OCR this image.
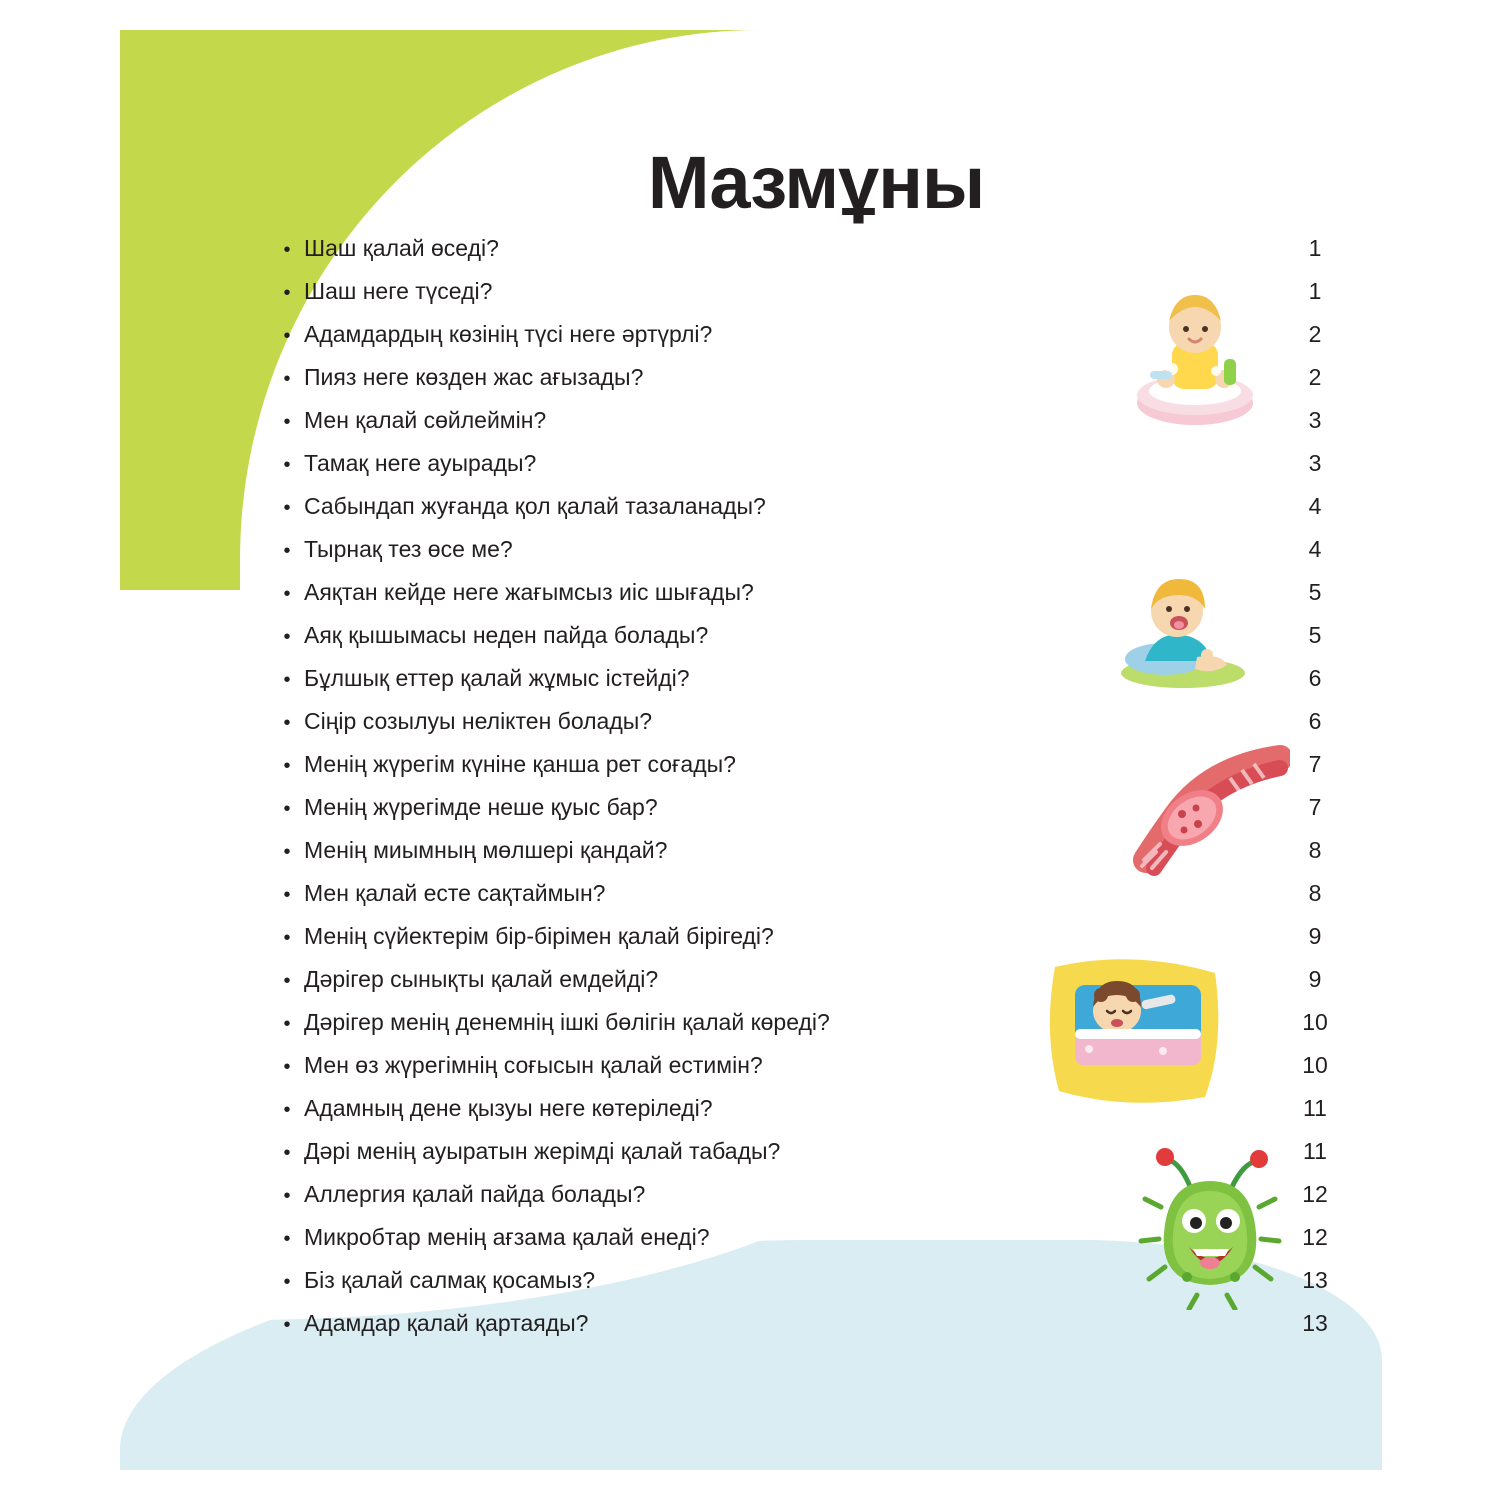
Мазмұны
• Шаш қалай өседі?	1
• Шаш неге түседі?	1
• Адамдардың көзінің түсі неге әртүрлі?	2
• Пияз неге көзден жас ағызады?	2
• Мен қалай сөйлеймін?	3
• Тамақ неге ауырады?	3
• Сабындап жуғанда қол қалай тазаланады?	4
• Тырнақ тез өсе ме?	4
• Аяқтан кейде неге жағымсыз иіс шығады?	5
• Аяқ қышымасы неден пайда болады?	5
• Бұлшық еттер қалай жұмыс істейді?	6
• Сіңір созылуы неліктен болады?	6
• Менің жүрегім күніне қанша рет соғады?	7
• Менің жүрегімде неше қуыс бар?	7
• Менің миымның мөлшері қандай?	8
• Мен қалай есте сақтаймын?	8
• Менің сүйектерім бір-бірімен қалай бірігеді?	9
• Дәрігер сынықты қалай емдейді?	9
• Дәрігер менің денемнің ішкі бөлігін қалай көреді?	10
• Мен өз жүрегімнің соғысын қалай естимін?	10
• Адамның дене қызуы неге көтеріледі?	11
• Дәрі менің ауыратын жерімді қалай табады?	11
• Аллергия қалай пайда болады?	12
• Микробтар менің ағзама қалай енеді?	12
• Біз қалай салмақ қосамыз?	13
• Адамдар қалай қартаяды?	13
